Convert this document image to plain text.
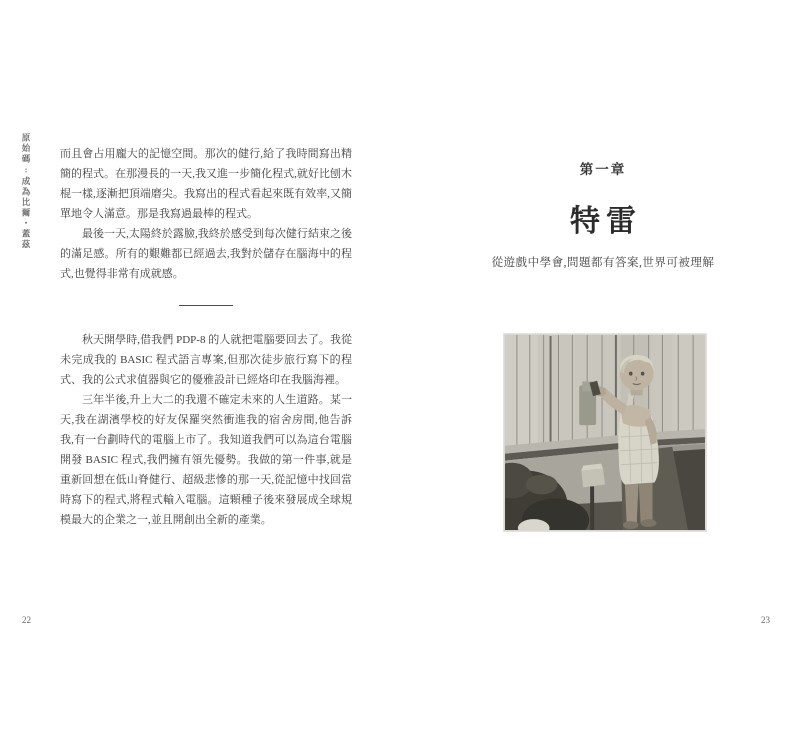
原始碼:成為比爾・蓋茲	而且會占用龐大的記憶空間。那次的健行,給了我時間寫出精簡的程式。在那漫長的一天,我又進一步簡化程式,就好比刨木棍一樣,逐漸把頂端磨尖。我寫出的程式看起來既有效率,又簡單地令人滿意。那是我寫過最棒的程式。

最後一天,太陽終於露臉,我終於感受到每次健行結束之後的滿足感。所有的艱難都已經過去,我對於儲存在腦海中的程式,也覺得非常有成就感。

秋天開學時,借我們 PDP-8 的人就把電腦要回去了。我從未完成我的 BASIC 程式語言專案,但那次徒步旅行寫下的程式、我的公式求值器與它的優雅設計已經烙印在我腦海裡。

三年半後,升上大二的我還不確定未來的人生道路。某一天,我在湖濱學校的好友保羅突然衝進我的宿舍房間,他告訴我,有一台劃時代的電腦上市了。我知道我們可以為這台電腦開發 BASIC 程式,我們擁有領先優勢。我做的第一件事,就是重新回想在低山脊健行、超級悲慘的那一天,從記憶中找回當時寫下的程式,將程式輸入電腦。這顆種子後來發展成全球規模最大的企業之一,並且開創出全新的產業。

22
第一章
特雷
從遊戲中學會,問題都有答案,世界可被理解
23
